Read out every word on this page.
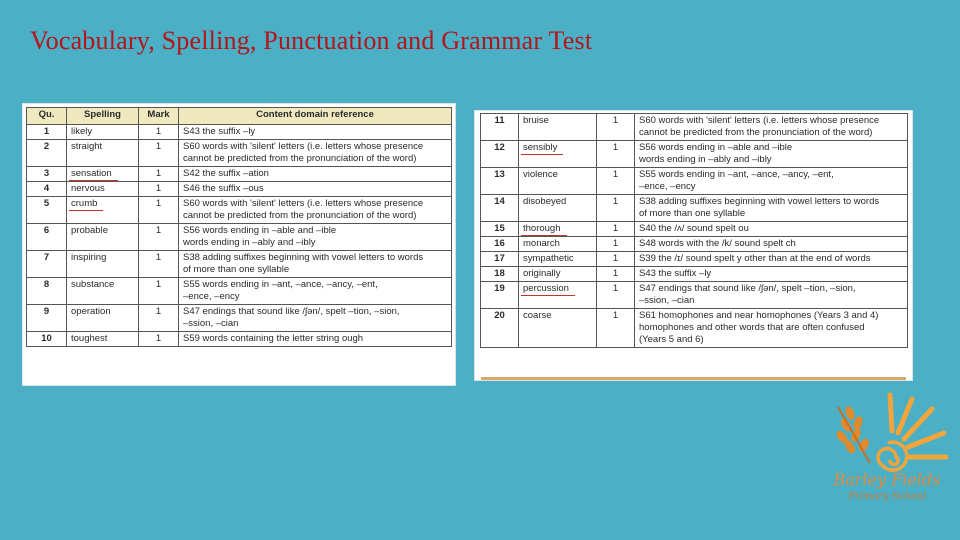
Vocabulary, Spelling, Punctuation and Grammar Test
Qu.	Spelling	Mark	Content domain reference
1	likely	1	S43 the suffix –ly

2	straight	1	S60 words with 'silent' letters (i.e. letters whose presence
cannot be predicted from the pronunciation of the word)

3	sensation	1	S42 the suffix –ation

4	nervous	1	S46 the suffix –ous

5	crumb	1	S60 words with 'silent' letters (i.e. letters whose presence
cannot be predicted from the pronunciation of the word)

6	probable	1	S56 words ending in –able and –ible
words ending in –ably and –ibly

7	inspiring	1	S38 adding suffixes beginning with vowel letters to words
of more than one syllable

8	substance	1	S55 words ending in –ant, –ance, –ancy, –ent,
–ence, –ency

9	operation	1	S47 endings that sound like /ʃən/, spelt –tion, –sion,
–ssion, –cian

10	toughest	1	S59 words containing the letter string ough
11	bruise	1	S60 words with 'silent' letters (i.e. letters whose presence
cannot be predicted from the pronunciation of the word)

12	sensibly	1	S56 words ending in –able and –ible
words ending in –ably and –ibly

13	violence	1	S55 words ending in –ant, –ance, –ancy, –ent,
–ence, –ency

14	disobeyed	1	S38 adding suffixes beginning with vowel letters to words
of more than one syllable

15	thorough	1	S40 the /ʌ/ sound spelt ou

16	monarch	1	S48 words with the /k/ sound spelt ch

17	sympathetic	1	S39 the /ɪ/ sound spelt y other than at the end of words

18	originally	1	S43 the suffix –ly

19	percussion	1	S47 endings that sound like /ʃən/, spelt –tion, –sion,
–ssion, –cian

20	coarse	1	S61 homophones and near homophones (Years 3 and 4)
homophones and other words that are often confused
(Years 5 and 6)
Barley Fields
Primary School
